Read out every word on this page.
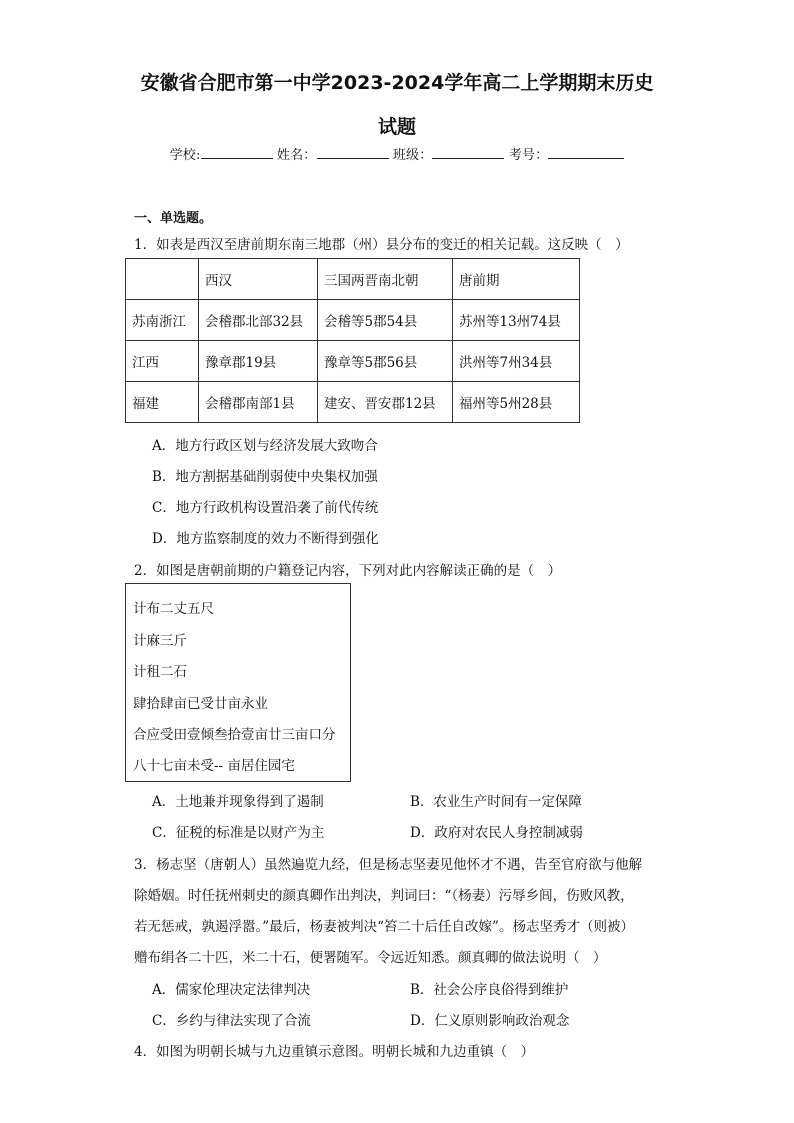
安徽省合肥市第一中学2023-2024学年高二上学期期末历史
试题
学校:	姓名：	班级：	考号：
一、单选题。
1．如表是西汉至唐前期东南三地郡（州）县分布的变迁的相关记载。这反映（　）
	西汉	三国两晋南北朝	唐前期
苏南浙江	会稽郡北部32县	会稽等5郡54县	苏州等13州74县
江西	豫章郡19县	豫章等5郡56县	洪州等7州34县
福建	会稽郡南部1县	建安、晋安郡12县	福州等5州28县
A．地方行政区划与经济发展大致吻合
B．地方割据基础削弱使中央集权加强
C．地方行政机构设置沿袭了前代传统
D．地方监察制度的效力不断得到强化
2．如图是唐朝前期的户籍登记内容，下列对此内容解读正确的是（　）
计布二丈五尺
计麻三斤
计租二石
肆拾肆亩已受廿亩永业
合应受田壹倾叁拾壹亩廿三亩口分
八十七亩未受-- 亩居住园宅
A．土地兼并现象得到了遏制	B．农业生产时间有一定保障
C．征税的标准是以财产为主	D．政府对农民人身控制减弱
3．杨志坚（唐朝人）虽然遍览九经，但是杨志坚妻见他怀才不遇，告至官府欲与他解
除婚姻。时任抚州刺史的颜真卿作出判决，判词曰：“（杨妻）污辱乡闾，伤败风教，
若无惩戒，孰遏浮嚣。”最后，杨妻被判决“笞二十后任自改嫁”。杨志坚秀才（则被）
赠布绢各二十匹，米二十石，便署随军。令远近知悉。颜真卿的做法说明（　）
A．儒家伦理决定法律判决	B．社会公序良俗得到维护
C．乡约与律法实现了合流	D．仁义原则影响政治观念
4．如图为明朝长城与九边重镇示意图。明朝长城和九边重镇（　）
